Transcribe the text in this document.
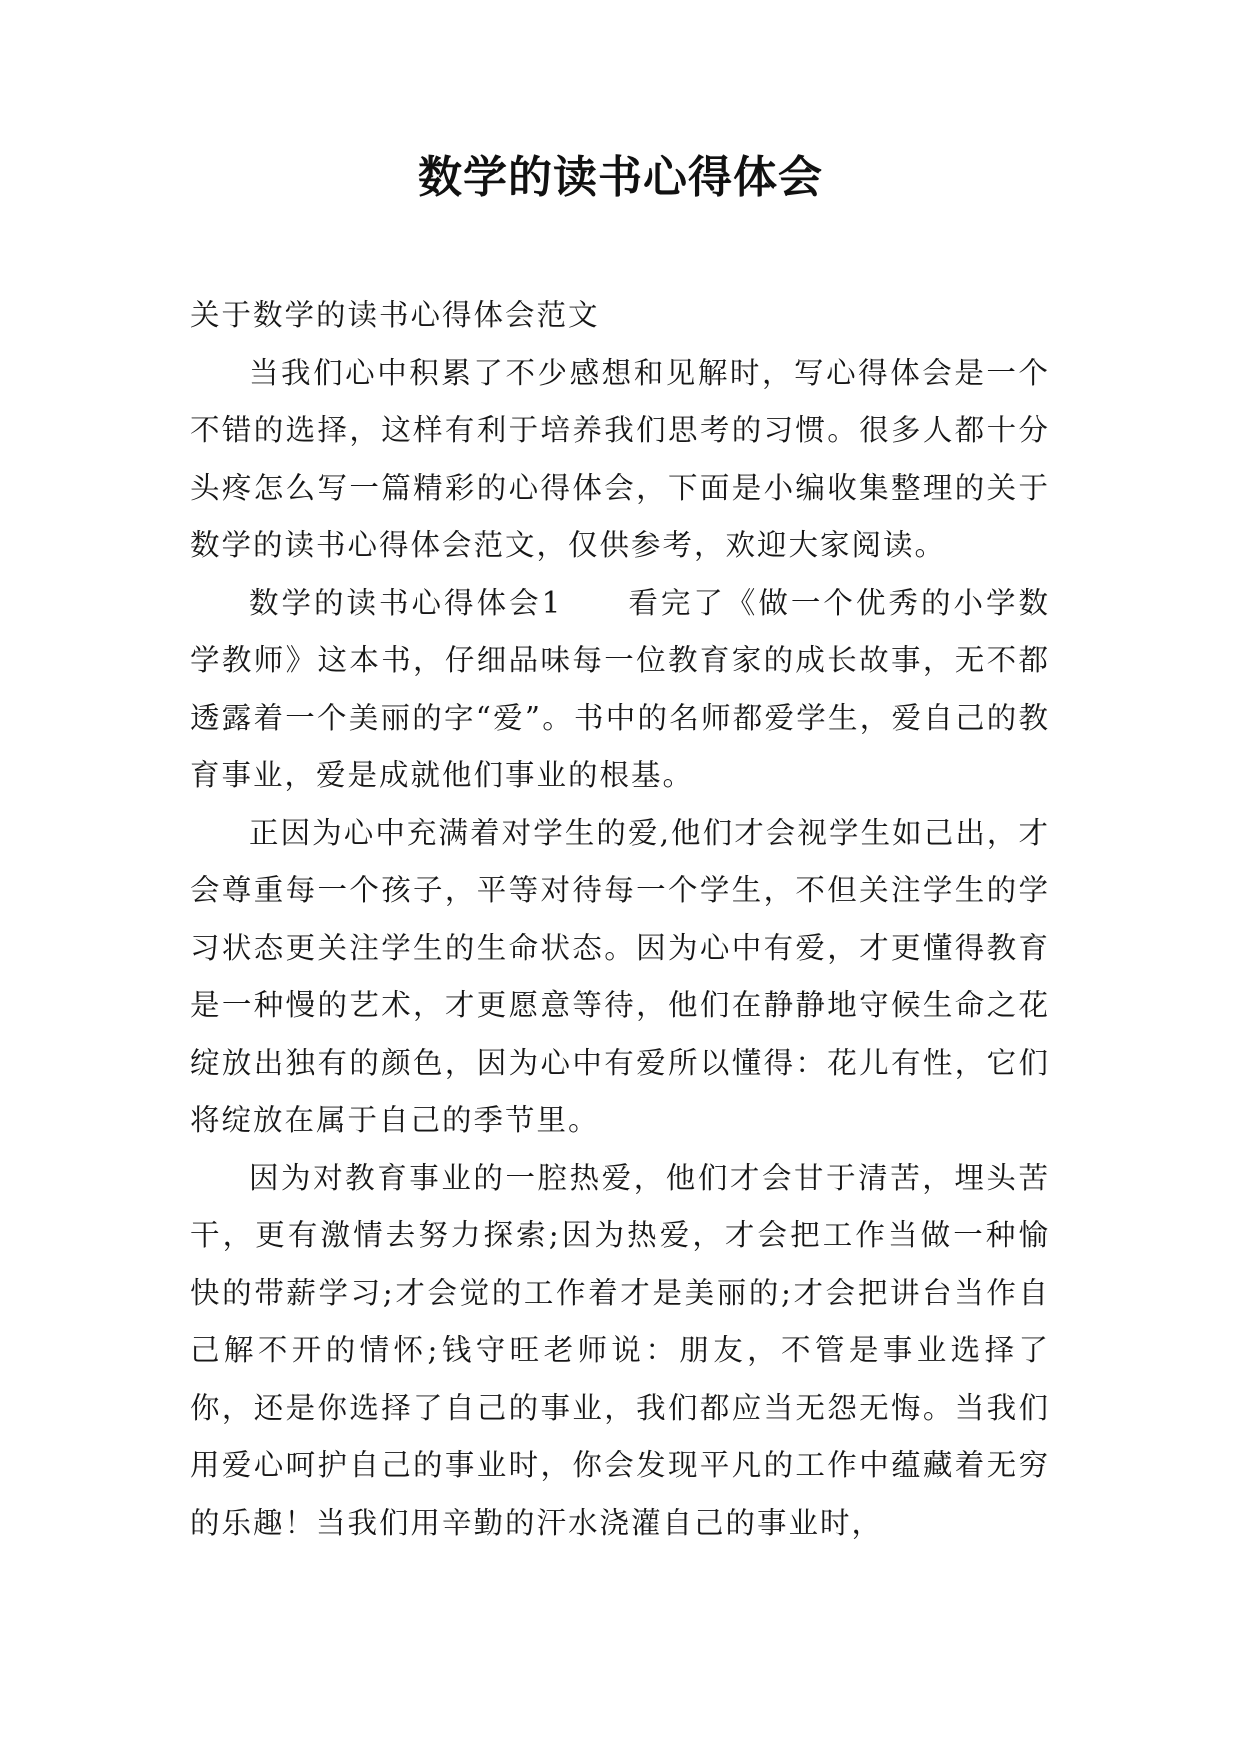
数学的读书心得体会

关于数学的读书心得体会范文

当我们心中积累了不少感想和见解时，写心得体会是一个不错的选择，这样有利于培养我们思考的习惯。很多人都十分头疼怎么写一篇精彩的心得体会，下面是小编收集整理的关于数学的读书心得体会范文，仅供参考，欢迎大家阅读。

数学的读书心得体会1　　看完了《做一个优秀的小学数学教师》这本书，仔细品味每一位教育家的成长故事，无不都透露着一个美丽的字“爱”。书中的名师都爱学生，爱自己的教育事业，爱是成就他们事业的根基。

正因为心中充满着对学生的爱,他们才会视学生如己出，才会尊重每一个孩子，平等对待每一个学生，不但关注学生的学习状态更关注学生的生命状态。因为心中有爱，才更懂得教育是一种慢的艺术，才更愿意等待，他们在静静地守候生命之花绽放出独有的颜色，因为心中有爱所以懂得：花儿有性，它们将绽放在属于自己的季节里。

因为对教育事业的一腔热爱，他们才会甘于清苦，埋头苦干，更有激情去努力探索;因为热爱，才会把工作当做一种愉快的带薪学习;才会觉的工作着才是美丽的;才会把讲台当作自己解不开的情怀;钱守旺老师说：朋友，不管是事业选择了你，还是你选择了自己的事业，我们都应当无怨无悔。当我们用爱心呵护自己的事业时，你会发现平凡的工作中蕴藏着无穷的乐趣！当我们用辛勤的汗水浇灌自己的事业时，
